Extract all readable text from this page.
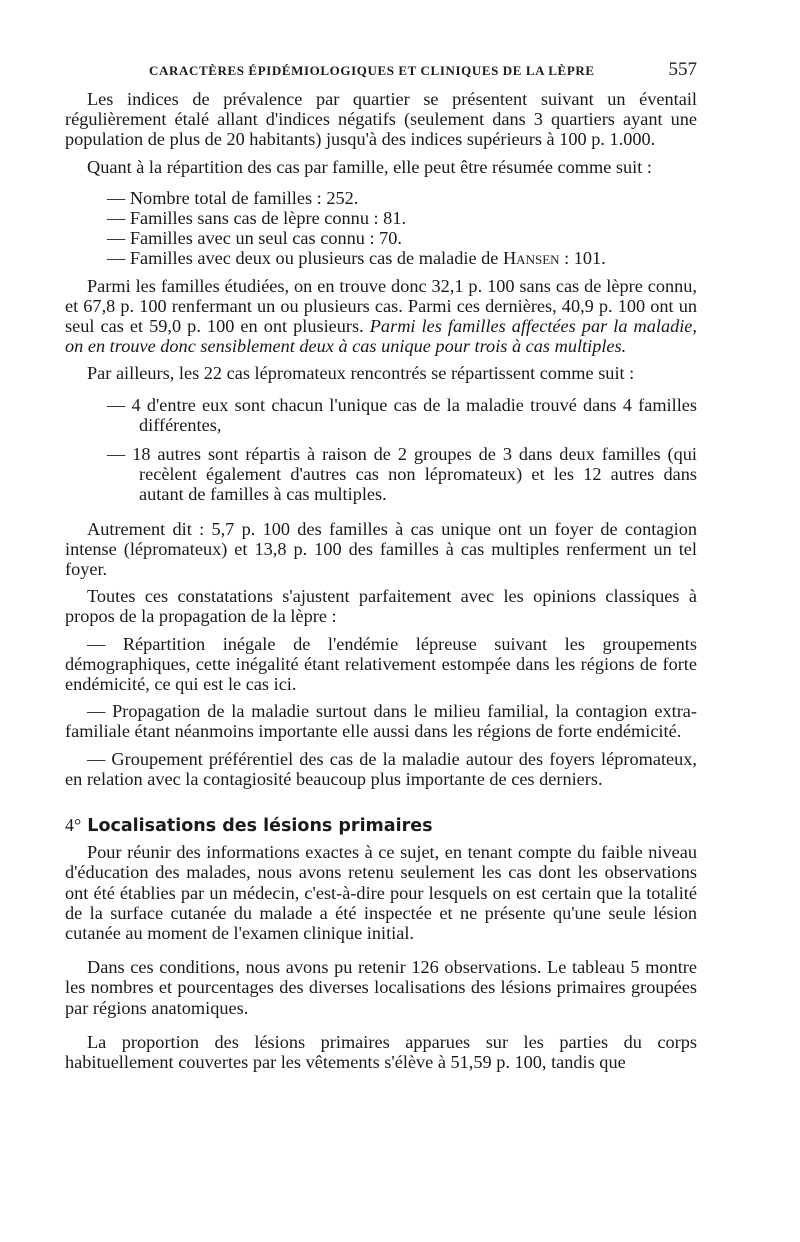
CARACTÈRES ÉPIDÉMIOLOGIQUES ET CLINIQUES DE LA LÈPRE	557

Les indices de prévalence par quartier se présentent suivant un éventail régulièrement étalé allant d'indices négatifs (seulement dans 3 quartiers ayant une population de plus de 20 habitants) jusqu'à des indices supérieurs à 100 p. 1.000.

Quant à la répartition des cas par famille, elle peut être résumée comme suit :

— Nombre total de familles : 252.

— Familles sans cas de lèpre connu : 81.

— Familles avec un seul cas connu : 70.

— Familles avec deux ou plusieurs cas de maladie de Hansen : 101.

Parmi les familles étudiées, on en trouve donc 32,1 p. 100 sans cas de lèpre connu, et 67,8 p. 100 renfermant un ou plusieurs cas. Parmi ces dernières, 40,9 p. 100 ont un seul cas et 59,0 p. 100 en ont plusieurs. Parmi les familles affectées par la maladie, on en trouve donc sensiblement deux à cas unique pour trois à cas multiples.

Par ailleurs, les 22 cas lépromateux rencontrés se répartissent comme suit :

— 4 d'entre eux sont chacun l'unique cas de la maladie trouvé dans 4 familles différentes,

— 18 autres sont répartis à raison de 2 groupes de 3 dans deux familles (qui recèlent également d'autres cas non lépromateux) et les 12 autres dans autant de familles à cas multiples.

Autrement dit : 5,7 p. 100 des familles à cas unique ont un foyer de contagion intense (lépromateux) et 13,8 p. 100 des familles à cas multiples renferment un tel foyer.

Toutes ces constatations s'ajustent parfaitement avec les opinions classiques à propos de la propagation de la lèpre :

— Répartition inégale de l'endémie lépreuse suivant les groupements démographiques, cette inégalité étant relativement estompée dans les régions de forte endémicité, ce qui est le cas ici.

— Propagation de la maladie surtout dans le milieu familial, la contagion extra-familiale étant néanmoins importante elle aussi dans les régions de forte endémicité.

— Groupement préférentiel des cas de la maladie autour des foyers lépromateux, en relation avec la contagiosité beaucoup plus importante de ces derniers.

4° Localisations des lésions primaires

Pour réunir des informations exactes à ce sujet, en tenant compte du faible niveau d'éducation des malades, nous avons retenu seulement les cas dont les observations ont été établies par un médecin, c'est-à-dire pour lesquels on est certain que la totalité de la surface cutanée du malade a été inspectée et ne présente qu'une seule lésion cutanée au moment de l'examen clinique initial.

Dans ces conditions, nous avons pu retenir 126 observations. Le tableau 5 montre les nombres et pourcentages des diverses localisations des lésions primaires groupées par régions anatomiques.

La proportion des lésions primaires apparues sur les parties du corps habituellement couvertes par les vêtements s'élève à 51,59 p. 100, tandis que
